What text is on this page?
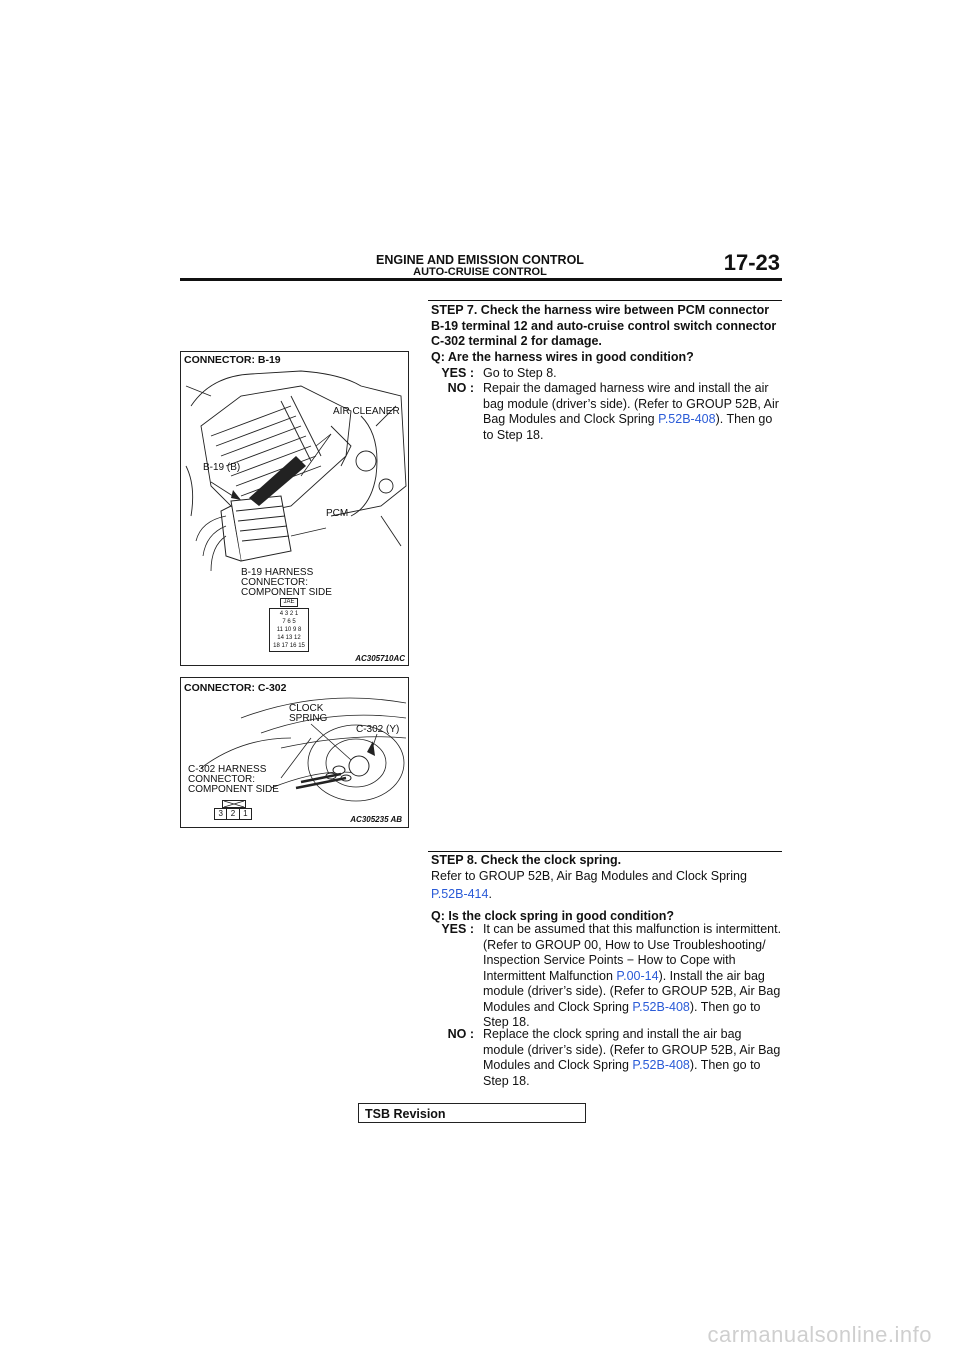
ENGINE AND EMISSION CONTROL
AUTO-CRUISE CONTROL	17-23
STEP 7. Check the harness wire between PCM connector
B-19 terminal 12 and auto-cruise control switch connector
C-302 terminal 2 for damage.
Q: Are the harness wires in good condition?
YES : Go to Step 8.
NO : Repair the damaged harness wire and install the air
bag module (driver’s side). (Refer to GROUP 52B, Air
Bag Modules and Clock Spring P.52B-408). Then go
to Step 18.
CONNECTOR: B-19
AIR CLEANER
B-19 (B)
PCM
B-19 HARNESS
CONNECTOR:
COMPONENT SIDE
JAE
4 3 2 1
7 6 5
11 10 9 8
14 13 12
18 17 16 15
AC305710AC
CONNECTOR: C-302
CLOCK
SPRING
C-302 (Y)
C-302 HARNESS
CONNECTOR:
COMPONENT SIDE
3 2 1
AC305235 AB
STEP 8. Check the clock spring.
Refer to GROUP 52B, Air Bag Modules and Clock Spring
P.52B-414.
Q: Is the clock spring in good condition?
YES : It can be assumed that this malfunction is intermittent.
(Refer to GROUP 00, How to Use Troubleshooting/
Inspection Service Points − How to Cope with
Intermittent Malfunction P.00-14). Install the air bag
module (driver’s side). (Refer to GROUP 52B, Air Bag
Modules and Clock Spring P.52B-408). Then go to
Step 18.
NO : Replace the clock spring and install the air bag
module (driver’s side). (Refer to GROUP 52B, Air Bag
Modules and Clock Spring P.52B-408). Then go to
Step 18.
TSB Revision
carmanualsonline.info
